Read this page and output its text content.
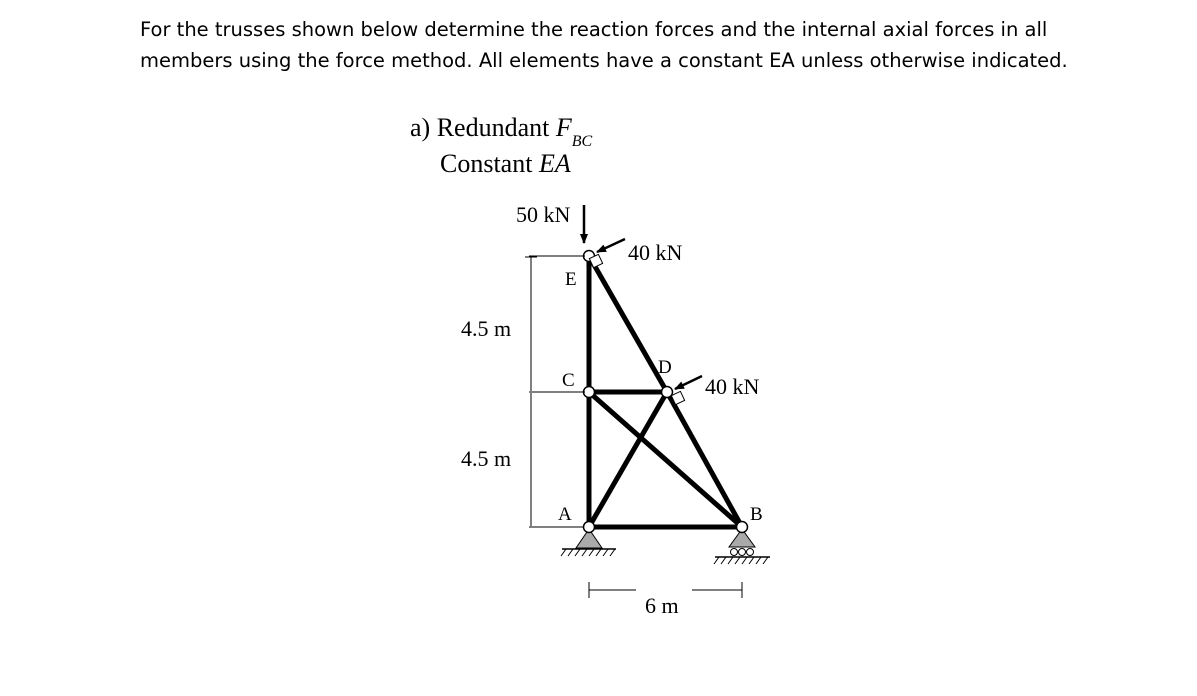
For the trusses shown below determine the reaction forces and the internal axial forces in all
members using the force method. All elements have a constant EA unless otherwise indicated.

a) Redundant $F_{BC}$
Constant EA
E
C
D
A	B
50 kN
40 kN
40 kN
4.5 m
4.5 m
6 m
